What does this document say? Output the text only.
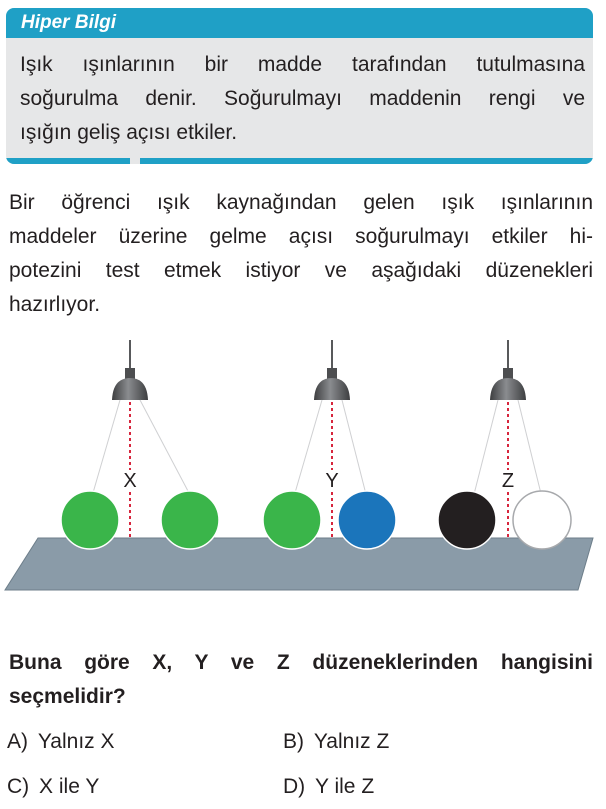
Hiper Bilgi
Işık ışınlarının bir madde tarafından tutulmasına
soğurulma denir. Soğurulmayı maddenin rengi ve
ışığın geliş açısı etkiler.
Bir öğrenci ışık kaynağından gelen ışık ışınlarının
maddeler üzerine gelme açısı soğurulmayı etkiler hi-
potezini test etmek istiyor ve aşağıdaki düzenekleri
hazırlıyor.
X	Y	Z
Buna göre X, Y ve Z düzeneklerinden hangisini
seçmelidir?
A) Yalnız X	B) Yalnız Z
C) X ile Y	D) Y ile Z
